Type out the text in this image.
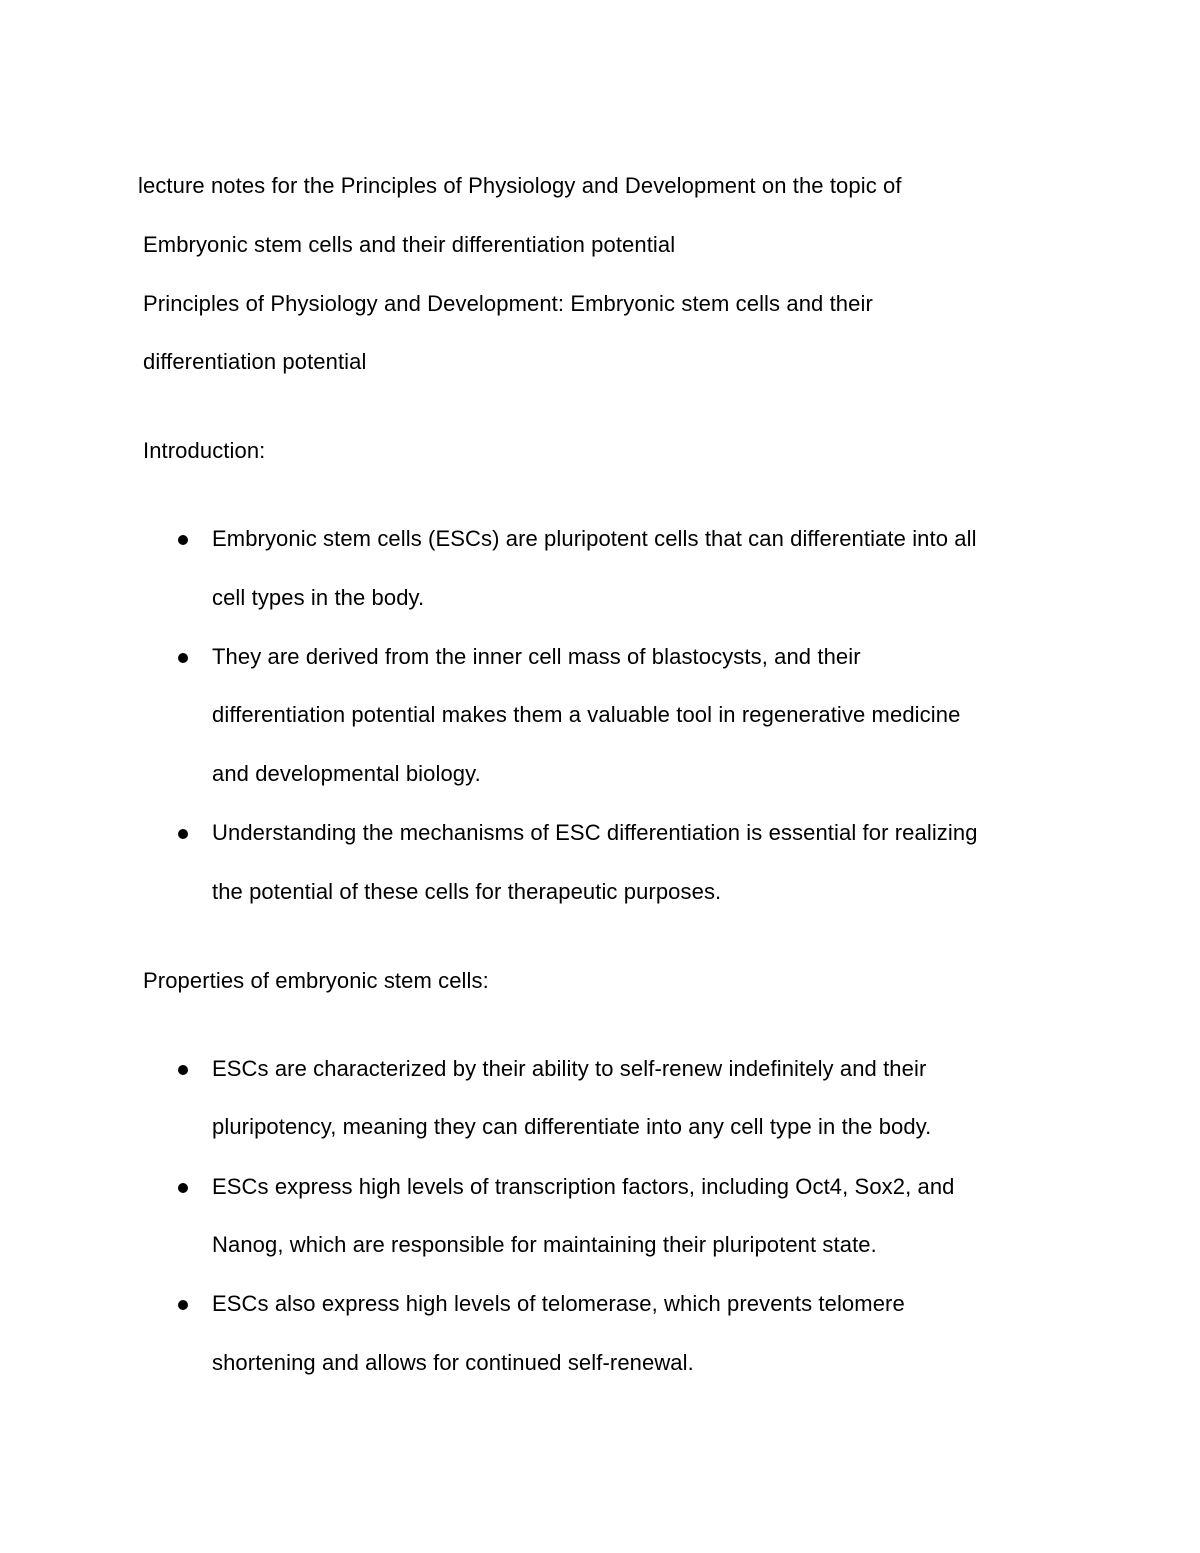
lecture notes for the Principles of Physiology and Development on the topic of
Embryonic stem cells and their differentiation potential
Principles of Physiology and Development: Embryonic stem cells and their
differentiation potential
Introduction:
Embryonic stem cells (ESCs) are pluripotent cells that can differentiate into all
cell types in the body.
They are derived from the inner cell mass of blastocysts, and their
differentiation potential makes them a valuable tool in regenerative medicine
and developmental biology.
Understanding the mechanisms of ESC differentiation is essential for realizing
the potential of these cells for therapeutic purposes.
Properties of embryonic stem cells:
ESCs are characterized by their ability to self-renew indefinitely and their
pluripotency, meaning they can differentiate into any cell type in the body.
ESCs express high levels of transcription factors, including Oct4, Sox2, and
Nanog, which are responsible for maintaining their pluripotent state.
ESCs also express high levels of telomerase, which prevents telomere
shortening and allows for continued self-renewal.
